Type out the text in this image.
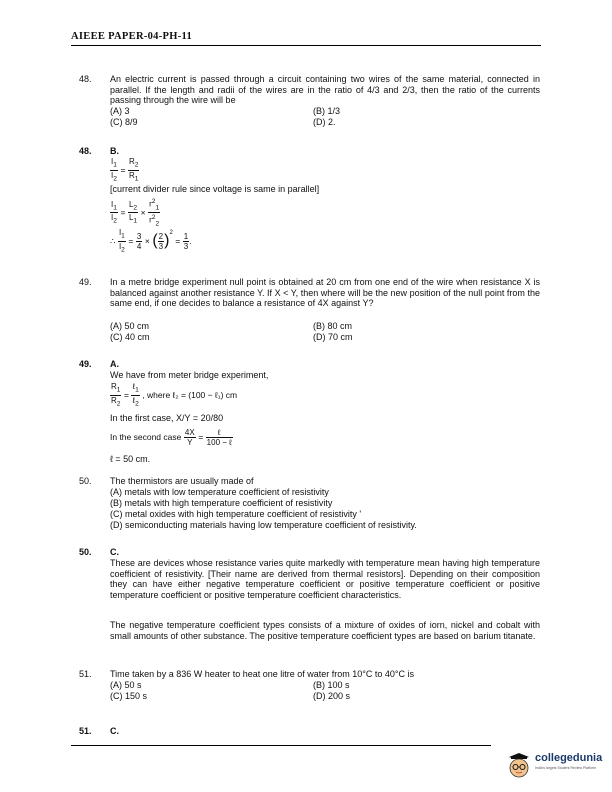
AIEEE PAPER-04-PH-11
48. An electric current is passed through a circuit containing two wires of the same material, connected in parallel. If the length and radii of the wires are in the ratio of 4/3 and 2/3, then the ratio of the currents passing through the wire will be
(A) 3	(B) 1/3
(C) 8/9	(D) 2.
48. B.
$\frac{I_1}{I_2} = \frac{R_2}{R_1}$
[current divider rule since voltage is same in parallel]
$\frac{I_1}{I_2} = \frac{L_2}{L_1} \times \frac{r^2_1}{r^2_2}$
∴ $\frac{I_1}{I_2} = \frac{3}{4}$ × ( $\frac{2}{3} )^2 = \frac{1}{3}$ .
49. In a metre bridge experiment null point is obtained at 20 cm from one end of the wire when resistance X is balanced against another resistance Y. If X < Y, then where will be the new position of the null point from the same end, if one decides to balance a resistance of 4X against Y?
(A) 50 cm	(B) 80 cm
(C) 40 cm	(D) 70 cm
49. A.
We have from meter bridge experiment,
$\frac{R_1}{R_2} = \frac{\ell_1}{\ell_2}$ , where ℓ₂ = (100 − ℓ₁) cm
In the first case, X/Y = 20/80
In the second case $\frac{4X}{Y} = \frac{\text{ℓ}}{\text{100 − ℓ}}$
ℓ = 50 cm.
50. The thermistors are usually made of
(A) metals with low temperature coefficient of resistivity
(B) metals with high temperature coefficient of resistivity
(C) metal oxides with high temperature coefficient of resistivity '
(D) semiconducting materials having low temperature coefficient of resistivity.
50. C.
These are devices whose resistance varies quite markedly with temperature mean having high temperature coefficient of resistivity. [Their name are derived from thermal resistors]. Depending on their composition they can have either negative temperature coefficient or positive temperature coefficient or positive temperature coefficient or positive temperature coefficient characteristics.
The negative temperature coefficient types consists of a mixture of oxides of iorn, nickel and cobalt with small amounts of other substance. The positive temperature coefficient types are based on barium titanate.
51. Time taken by a 836 W heater to heat one litre of water from 10°C to 40°C is
(A) 50 s	(B) 100 s
(C) 150 s	(D) 200 s
51. C.
collegedunia
India's largest Student Review Platform
